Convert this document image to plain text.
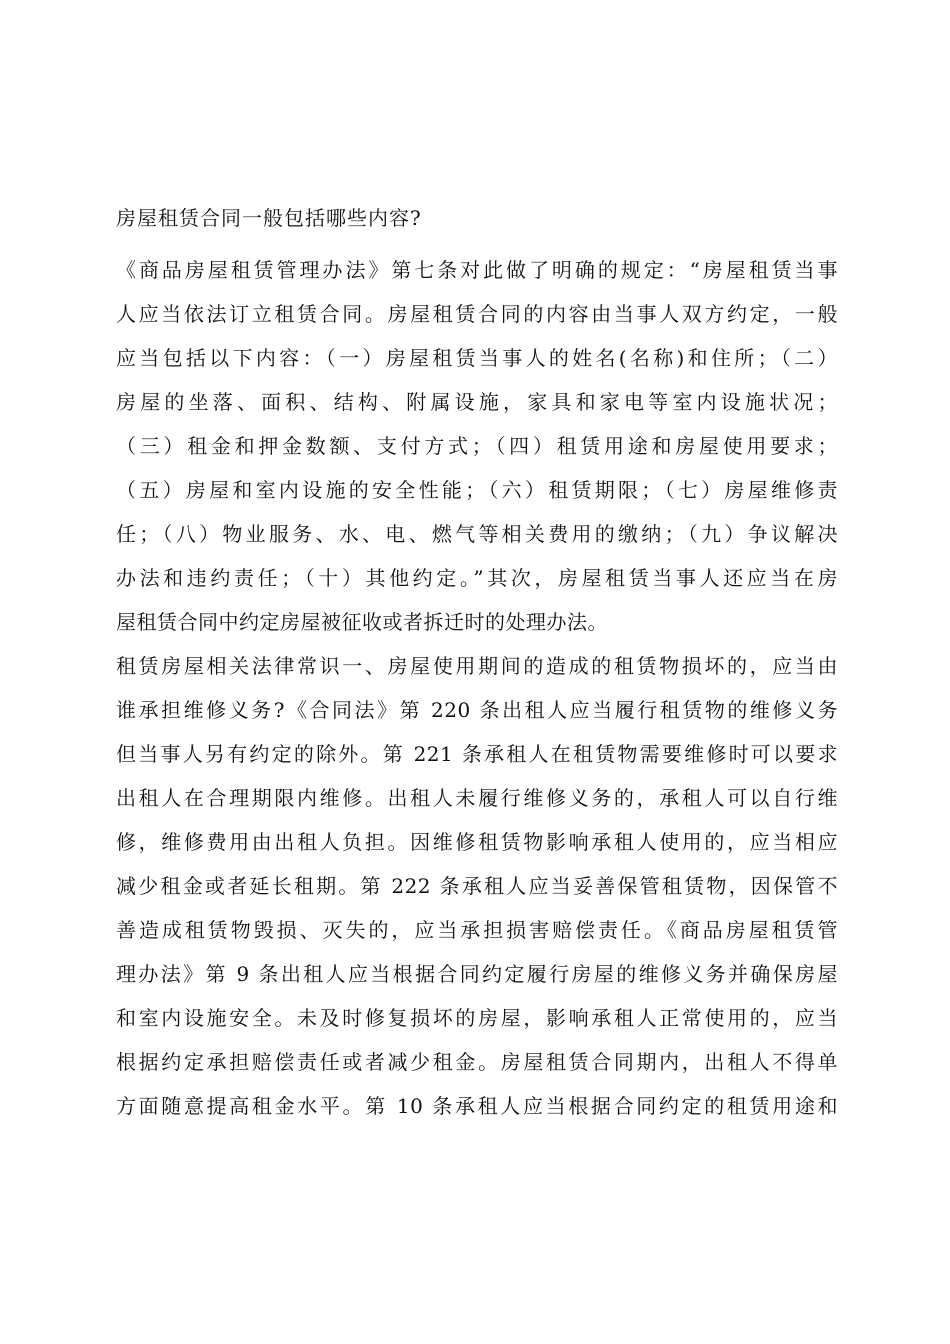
房屋租赁合同一般包括哪些内容?

《商品房屋租赁管理办法》第七条对此做了明确的规定：“房屋租赁当事
人应当依法订立租赁合同。房屋租赁合同的内容由当事人双方约定，一般
应当包括以下内容：（一）房屋租赁当事人的姓名(名称)和住所；（二）
房屋的坐落、面积、结构、附属设施，家具和家电等室内设施状况；
（三）租金和押金数额、支付方式；（四）租赁用途和房屋使用要求；
（五）房屋和室内设施的安全性能；（六）租赁期限；（七）房屋维修责
任；（八）物业服务、水、电、燃气等相关费用的缴纳；（九）争议解决
办法和违约责任；（十）其他约定。”其次，房屋租赁当事人还应当在房
屋租赁合同中约定房屋被征收或者拆迁时的处理办法。
租赁房屋相关法律常识一、房屋使用期间的造成的租赁物损坏的，应当由
谁承担维修义务?《合同法》第 220 条出租人应当履行租赁物的维修义务
但当事人另有约定的除外。第 221 条承租人在租赁物需要维修时可以要求
出租人在合理期限内维修。出租人未履行维修义务的，承租人可以自行维
修，维修费用由出租人负担。因维修租赁物影响承租人使用的，应当相应
减少租金或者延长租期。第 222 条承租人应当妥善保管租赁物，因保管不
善造成租赁物毁损、灭失的，应当承担损害赔偿责任。《商品房屋租赁管
理办法》第 9 条出租人应当根据合同约定履行房屋的维修义务并确保房屋
和室内设施安全。未及时修复损坏的房屋，影响承租人正常使用的，应当
根据约定承担赔偿责任或者减少租金。房屋租赁合同期内，出租人不得单
方面随意提高租金水平。第 10 条承租人应当根据合同约定的租赁用途和
